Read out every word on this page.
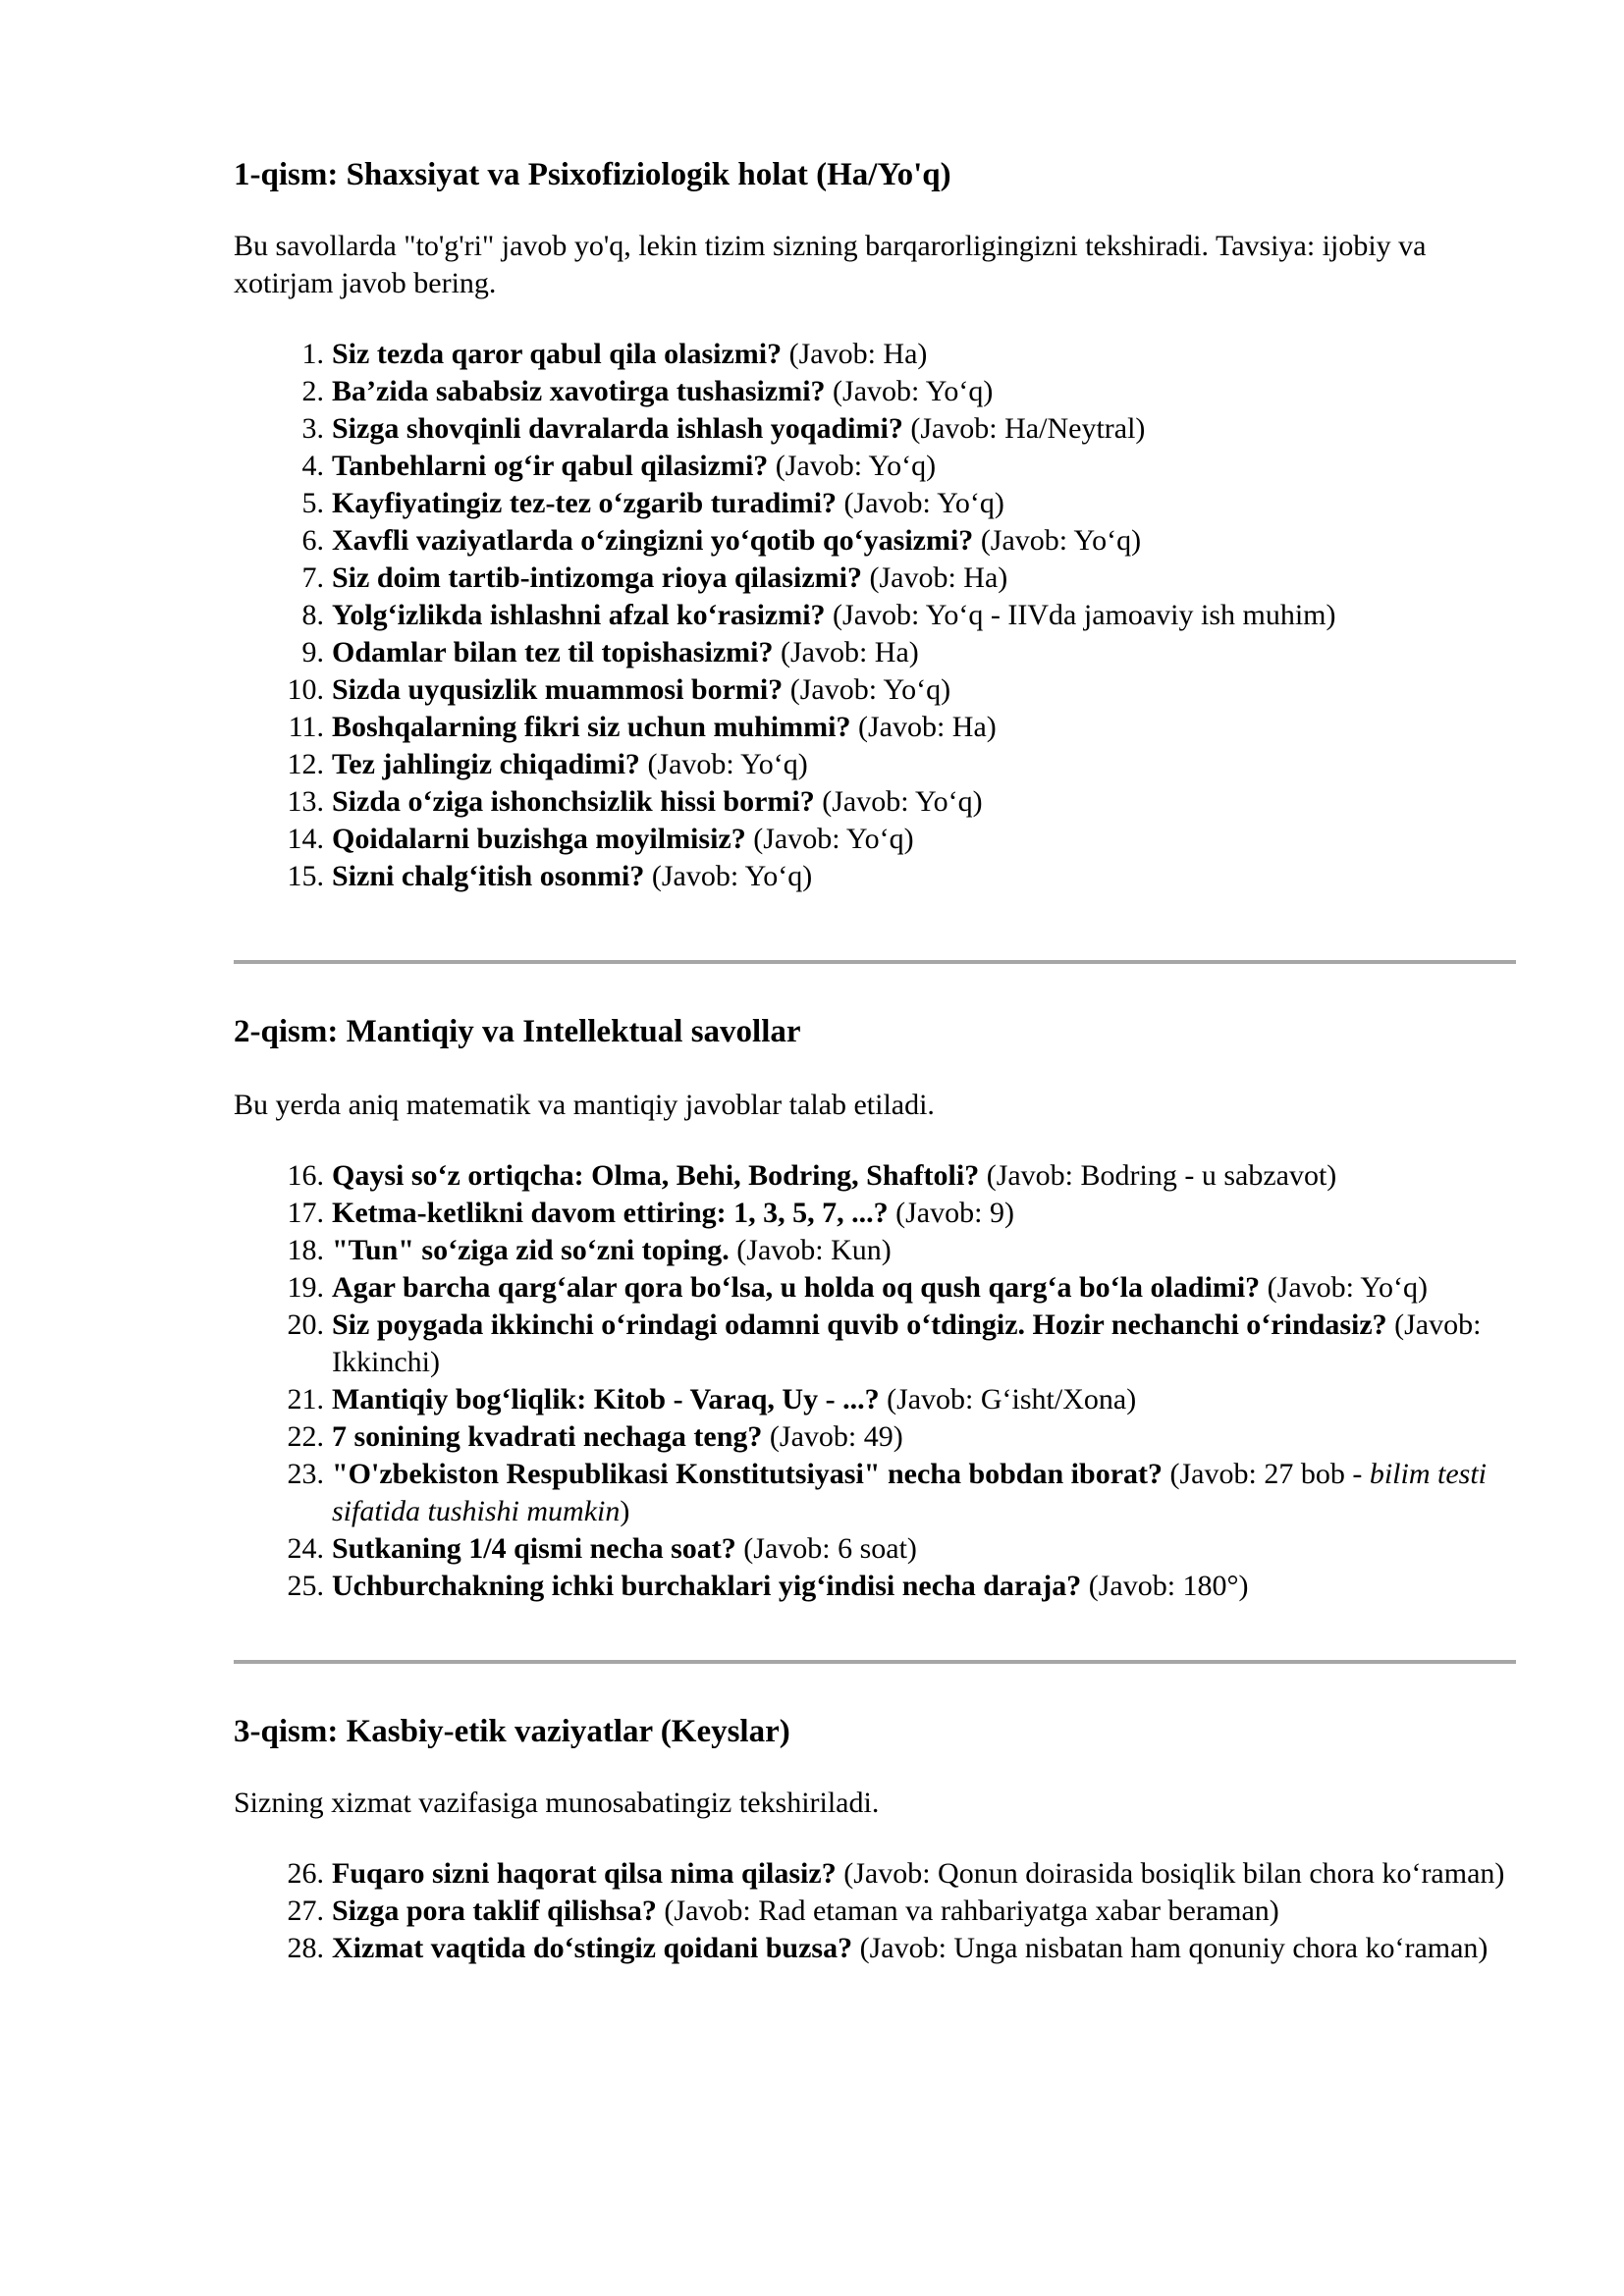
1-qism: Shaxsiyat va Psixofiziologik holat (Ha/Yo'q)

Bu savollarda "to'g'ri" javob yo'q, lekin tizim sizning barqarorligingizni tekshiradi. Tavsiya: ijobiy va xotirjam javob bering.

1. Siz tezda qaror qabul qila olasizmi? (Javob: Ha)
2. Ba’zida sababsiz xavotirga tushasizmi? (Javob: Yo‘q)
3. Sizga shovqinli davralarda ishlash yoqadimi? (Javob: Ha/Neytral)
4. Tanbehlarni og‘ir qabul qilasizmi? (Javob: Yo‘q)
5. Kayfiyatingiz tez-tez o‘zgarib turadimi? (Javob: Yo‘q)
6. Xavfli vaziyatlarda o‘zingizni yo‘qotib qo‘yasizmi? (Javob: Yo‘q)
7. Siz doim tartib-intizomga rioya qilasizmi? (Javob: Ha)
8. Yolg‘izlikda ishlashni afzal ko‘rasizmi? (Javob: Yo‘q - IIVda jamoaviy ish muhim)
9. Odamlar bilan tez til topishasizmi? (Javob: Ha)
10. Sizda uyqusizlik muammosi bormi? (Javob: Yo‘q)
11. Boshqalarning fikri siz uchun muhimmi? (Javob: Ha)
12. Tez jahlingiz chiqadimi? (Javob: Yo‘q)
13. Sizda o‘ziga ishonchsizlik hissi bormi? (Javob: Yo‘q)
14. Qoidalarni buzishga moyilmisiz? (Javob: Yo‘q)
15. Sizni chalg‘itish osonmi? (Javob: Yo‘q)
2-qism: Mantiqiy va Intellektual savollar

Bu yerda aniq matematik va mantiqiy javoblar talab etiladi.

16. Qaysi so‘z ortiqcha: Olma, Behi, Bodring, Shaftoli? (Javob: Bodring - u sabzavot)
17. Ketma-ketlikni davom ettiring: 1, 3, 5, 7, ...? (Javob: 9)
18. "Tun" so‘ziga zid so‘zni toping. (Javob: Kun)
19. Agar barcha qarg‘alar qora bo‘lsa, u holda oq qush qarg‘a bo‘la oladimi? (Javob: Yo‘q)
20. Siz poygada ikkinchi o‘rindagi odamni quvib o‘tdingiz. Hozir nechanchi o‘rindasiz? (Javob: Ikkinchi)
21. Mantiqiy bog‘liqlik: Kitob - Varaq, Uy - ...? (Javob: G‘isht/Xona)
22. 7 sonining kvadrati nechaga teng? (Javob: 49)
23. "O'zbekiston Respublikasi Konstitutsiyasi" necha bobdan iborat? (Javob: 27 bob - bilim testi sifatida tushishi mumkin)
24. Sutkaning 1/4 qismi necha soat? (Javob: 6 soat)
25. Uchburchakning ichki burchaklari yig‘indisi necha daraja? (Javob: 180°)
3-qism: Kasbiy-etik vaziyatlar (Keyslar)

Sizning xizmat vazifasiga munosabatingiz tekshiriladi.

26. Fuqaro sizni haqorat qilsa nima qilasiz? (Javob: Qonun doirasida bosiqlik bilan chora ko‘raman)
27. Sizga pora taklif qilishsa? (Javob: Rad etaman va rahbariyatga xabar beraman)
28. Xizmat vaqtida do‘stingiz qoidani buzsa? (Javob: Unga nisbatan ham qonuniy chora ko‘raman)
